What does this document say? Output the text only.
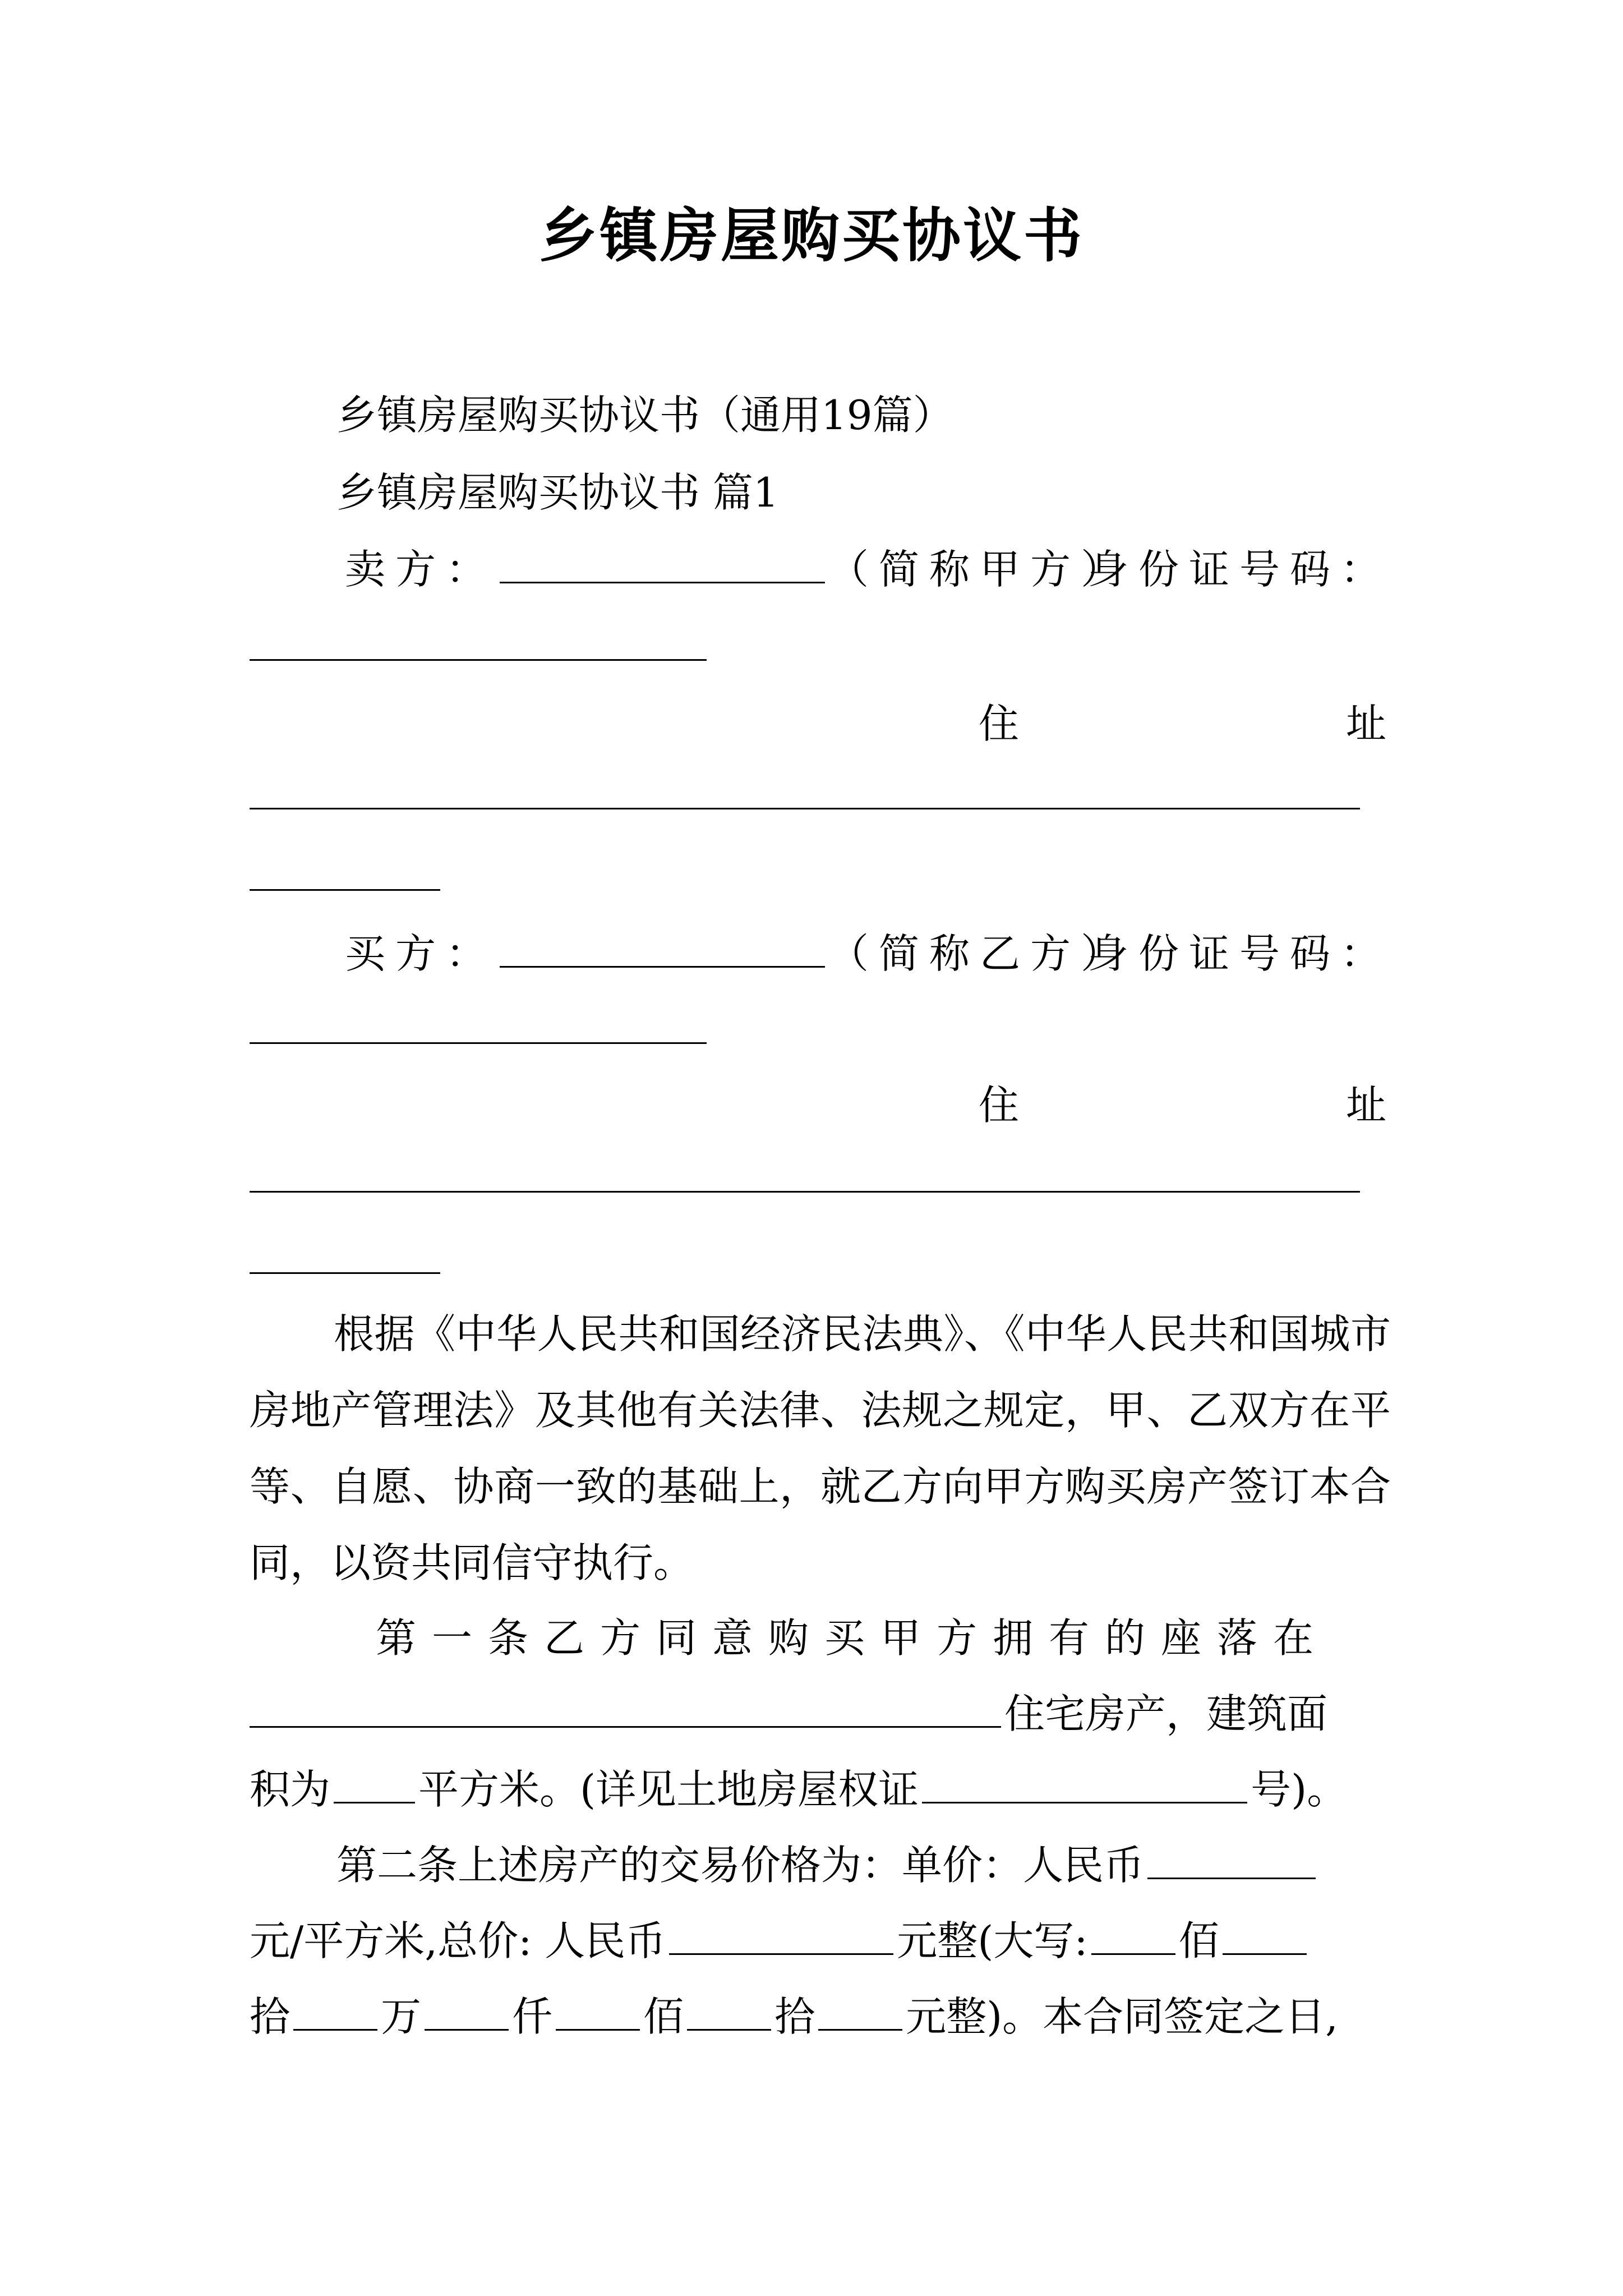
乡镇房屋购买协议书
乡镇房屋购买协议书（通用19篇）
乡镇房屋购买协议书 篇1
卖方：	（简称甲方）
身份证号码：
住	址
买方：	（简称乙方）
身份证号码：
住	址
根据《中华人民共和国经济民法典》、《中华人民共和国城市房地产管理法》及其他有关法律、法规之规定，甲、乙双方在平等、自愿、协商一致的基础上，就乙方向甲方购买房产签订本合同，以资共同信守执行。
第一条乙方同意购买甲方拥有的座落在
住宅房产，建筑面
积为 平方米。(详见土地房屋权证	号)。
第二条上述房产的交易价格为：单价：人民币
元/平方米,总价: 人民币	元整(大写: 佰
拾 万 仟 佰 拾 元整)。本合同签定之日,
